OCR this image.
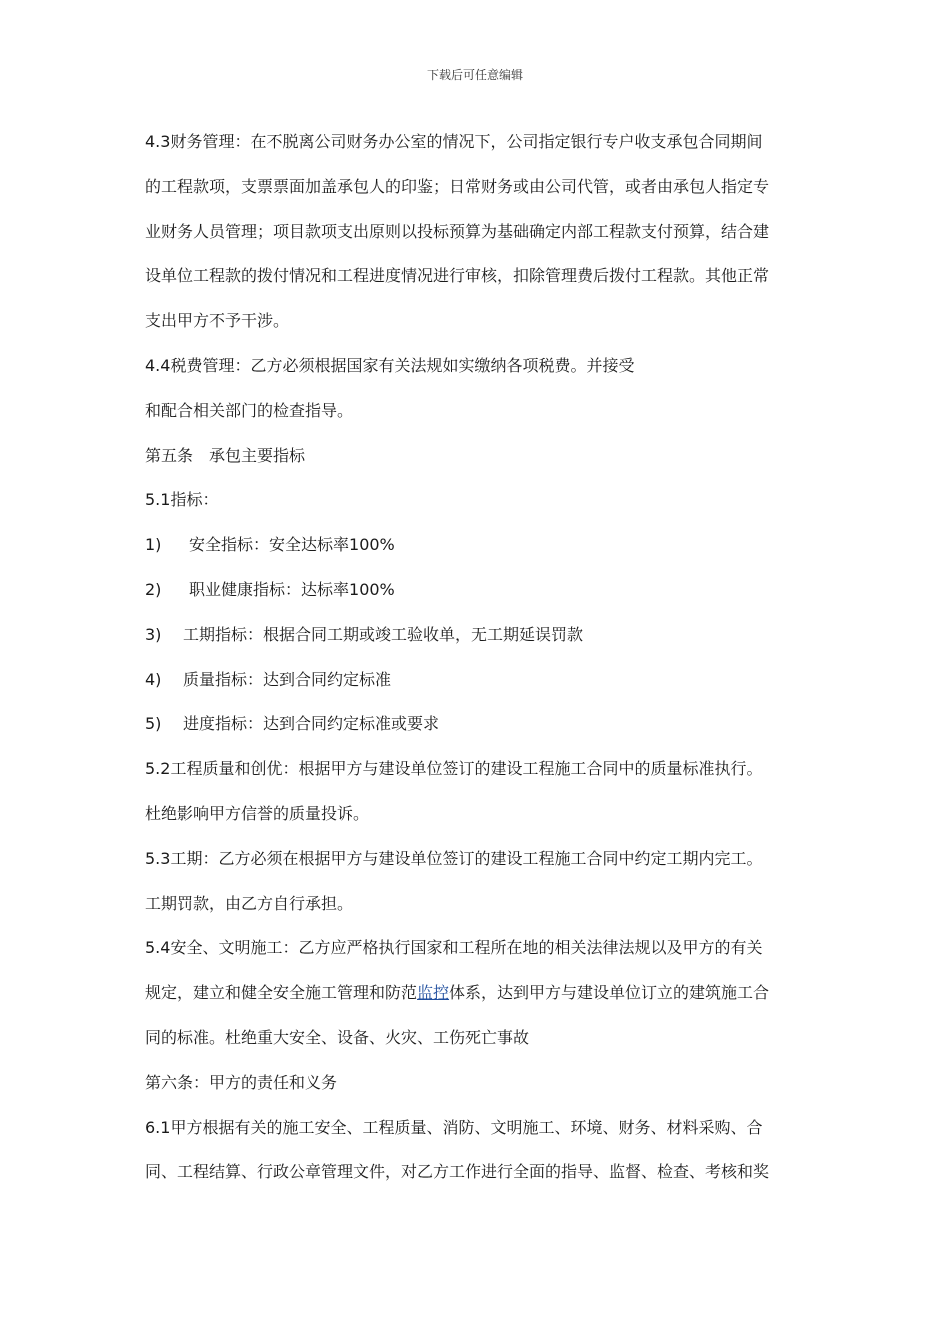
下载后可任意编辑

4.3财务管理：在不脱离公司财务办公室的情况下，公司指定银行专户收支承包合同期间

的工程款项，支票票面加盖承包人的印鉴；日常财务或由公司代管，或者由承包人指定专

业财务人员管理；项目款项支出原则以投标预算为基础确定内部工程款支付预算，结合建

设单位工程款的拨付情况和工程进度情况进行审核，扣除管理费后拨付工程款。其他正常

支出甲方不予干涉。

4.4税费管理：乙方必须根据国家有关法规如实缴纳各项税费。并接受

和配合相关部门的检查指导。

第五条　承包主要指标

5.1指标：

1) 安全指标：安全达标率100%

2) 职业健康指标：达标率100%

3) 工期指标：根据合同工期或竣工验收单，无工期延误罚款

4) 质量指标：达到合同约定标准

5) 进度指标：达到合同约定标准或要求

5.2工程质量和创优：根据甲方与建设单位签订的建设工程施工合同中的质量标准执行。

杜绝影响甲方信誉的质量投诉。

5.3工期：乙方必须在根据甲方与建设单位签订的建设工程施工合同中约定工期内完工。

工期罚款，由乙方自行承担。

5.4安全、文明施工：乙方应严格执行国家和工程所在地的相关法律法规以及甲方的有关

规定，建立和健全安全施工管理和防范监控体系，达到甲方与建设单位订立的建筑施工合

同的标准。杜绝重大安全、设备、火灾、工伤死亡事故

第六条：甲方的责任和义务

6.1甲方根据有关的施工安全、工程质量、消防、文明施工、环境、财务、材料采购、合

同、工程结算、行政公章管理文件，对乙方工作进行全面的指导、监督、检查、考核和奖
